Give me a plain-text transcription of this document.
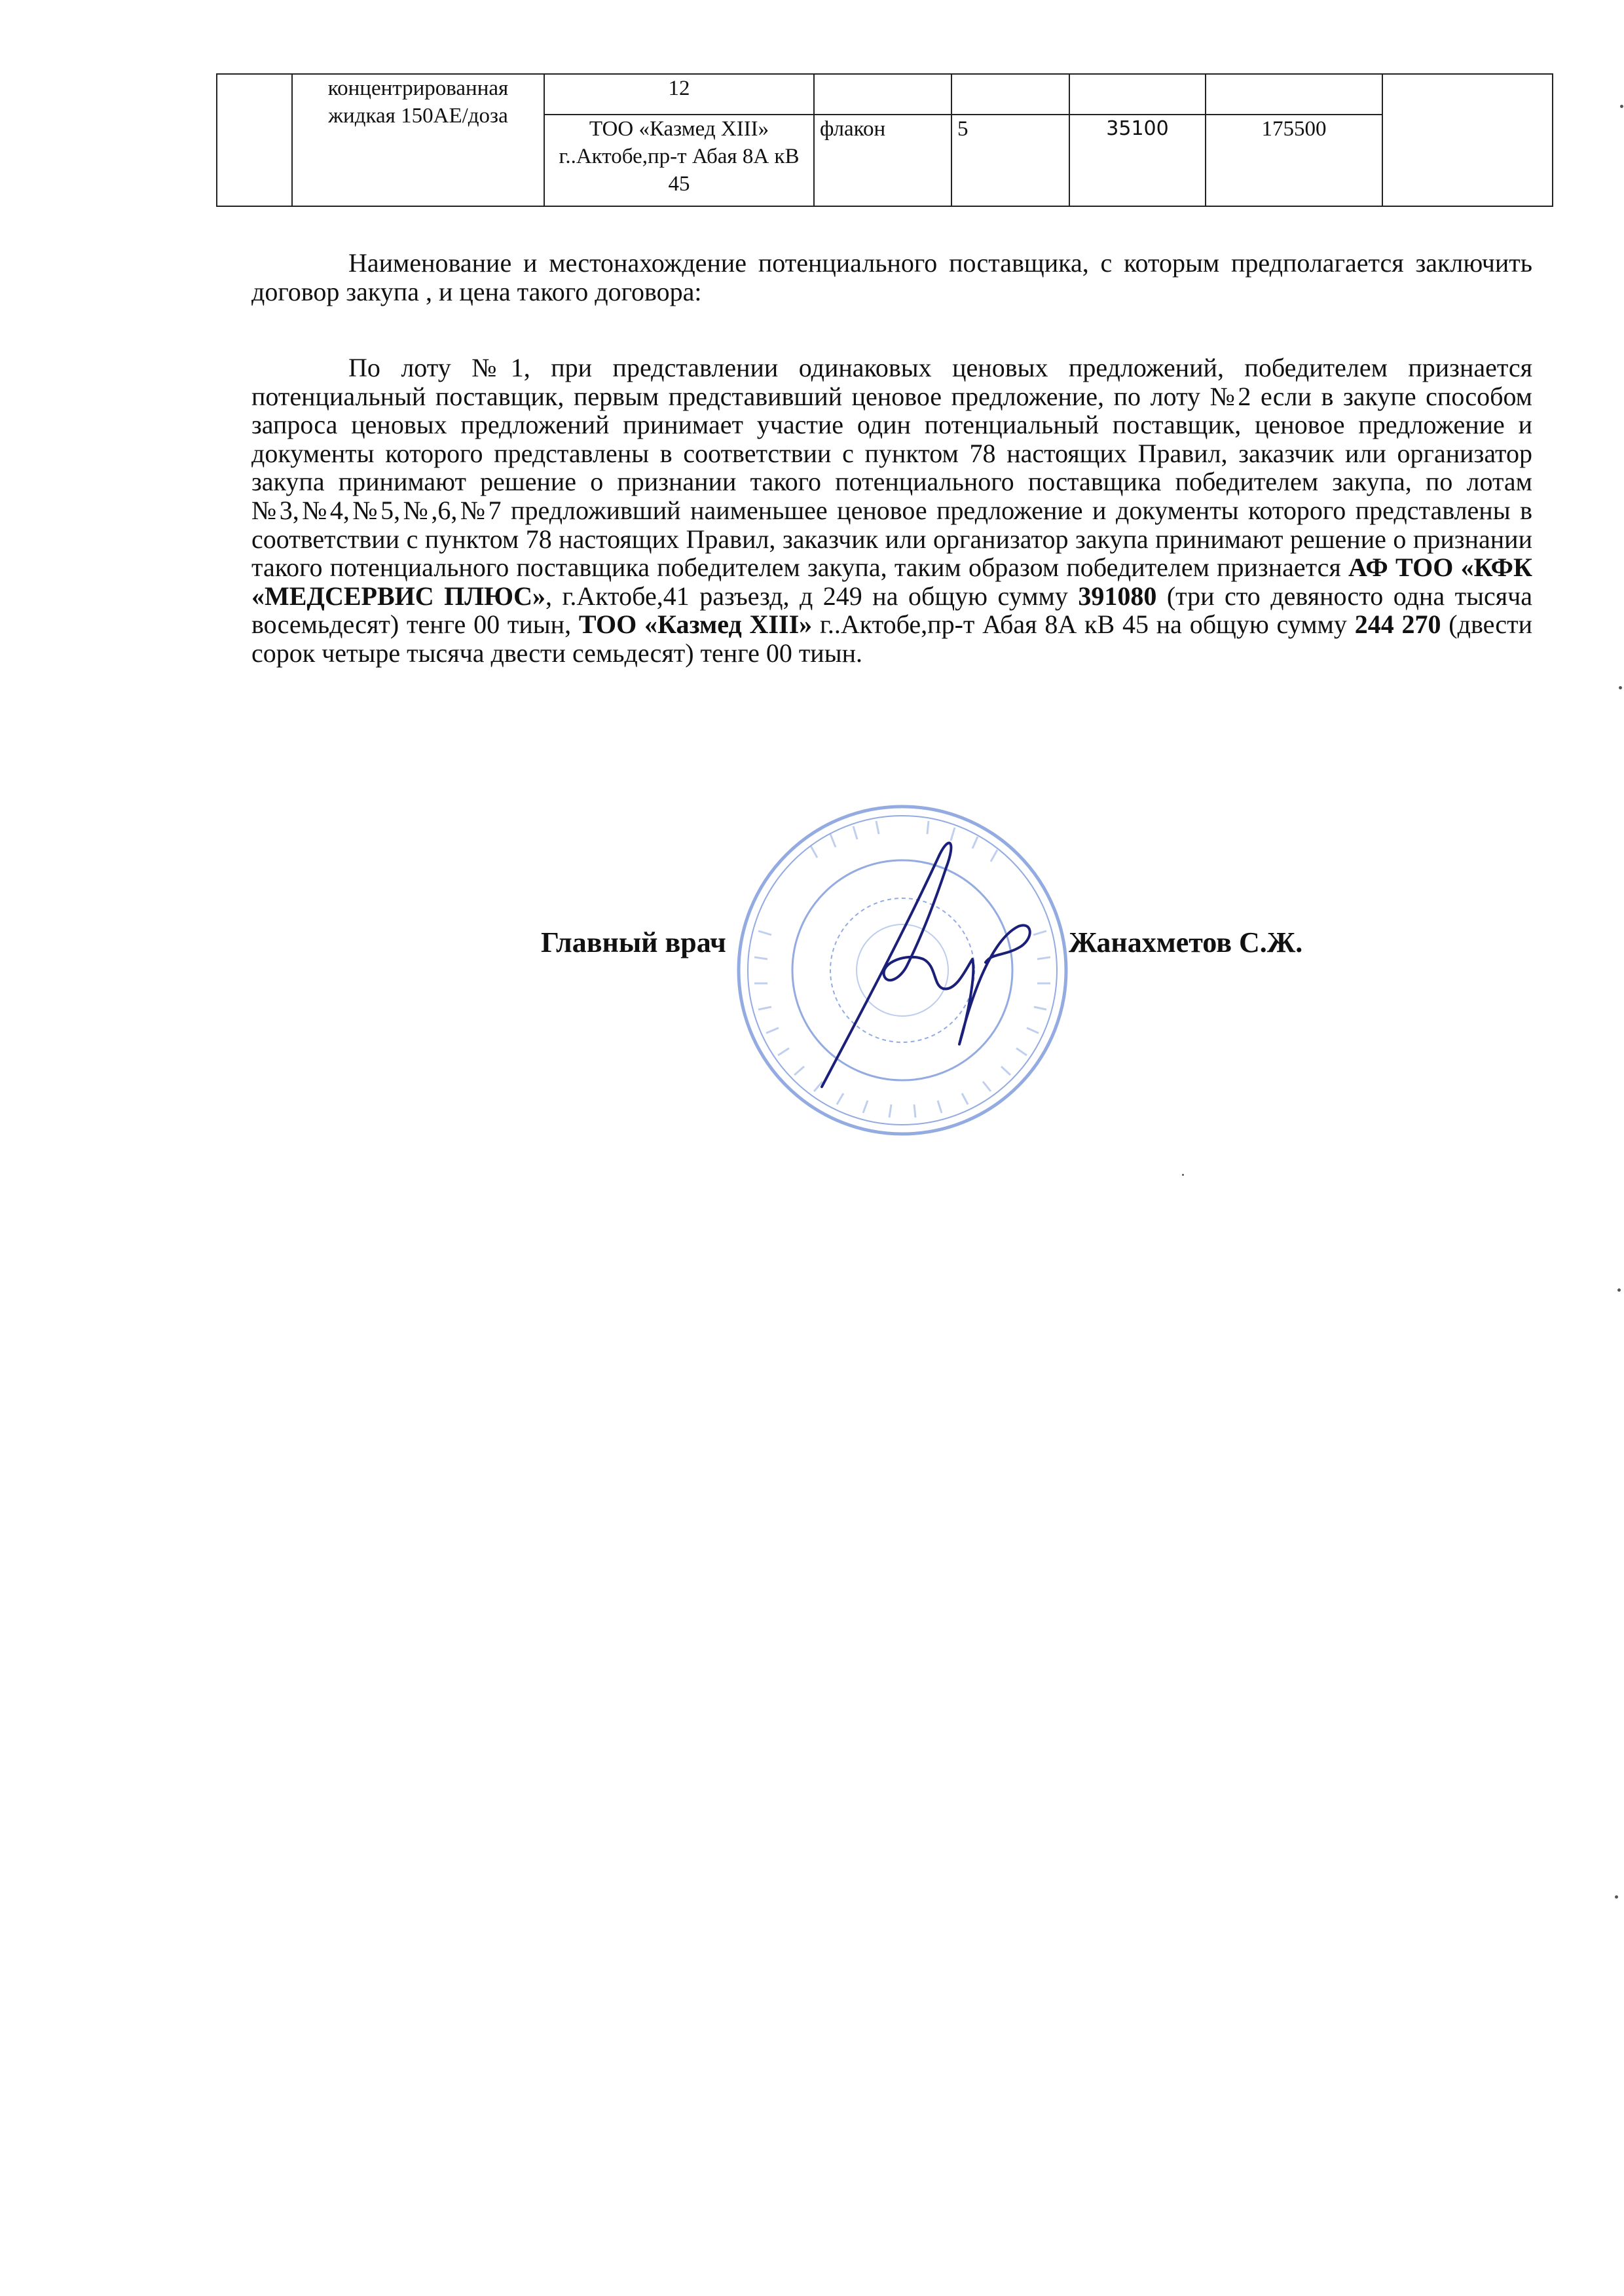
	концентрированная жидкая 150АЕ/доза	12					
		ТОО «Казмед XIII» г..Актобе,пр-т Абая 8А кВ 45	флакон	5	35100	175500	
Наименование и местонахождение потенциального поставщика, с которым предполагается заключить договор закупа , и цена такого договора:
По лоту №1, при представлении одинаковых ценовых предложений, победителем признается потенциальный поставщик, первым представивший ценовое предложение, по лоту №2 если в закупе способом запроса ценовых предложений принимает участие один потенциальный поставщик, ценовое предложение и документы которого представлены в соответствии с пунктом 78 настоящих Правил, заказчик или организатор закупа принимают решение о признании такого потенциального поставщика победителем закупа, по лотам №3,№4,№5,№,6,№7 предложивший наименьшее ценовое предложение и документы которого представлены в соответствии с пунктом 78 настоящих Правил, заказчик или организатор закупа принимают решение о признании такого потенциального поставщика победителем закупа, таким образом победителем признается АФ ТОО «КФК «МЕДСЕРВИС ПЛЮС», г.Актобе,41 разъезд, д 249 на общую сумму 391080 (три сто девяносто одна тысяча восемьдесят) тенге 00 тиын, ТОО «Казмед XIII» г..Актобе,пр-т Абая 8А кВ 45 на общую сумму 244 270 (двести сорок четыре тысяча двести семьдесят) тенге 00 тиын.
Главный врач	Жанахметов С.Ж.
